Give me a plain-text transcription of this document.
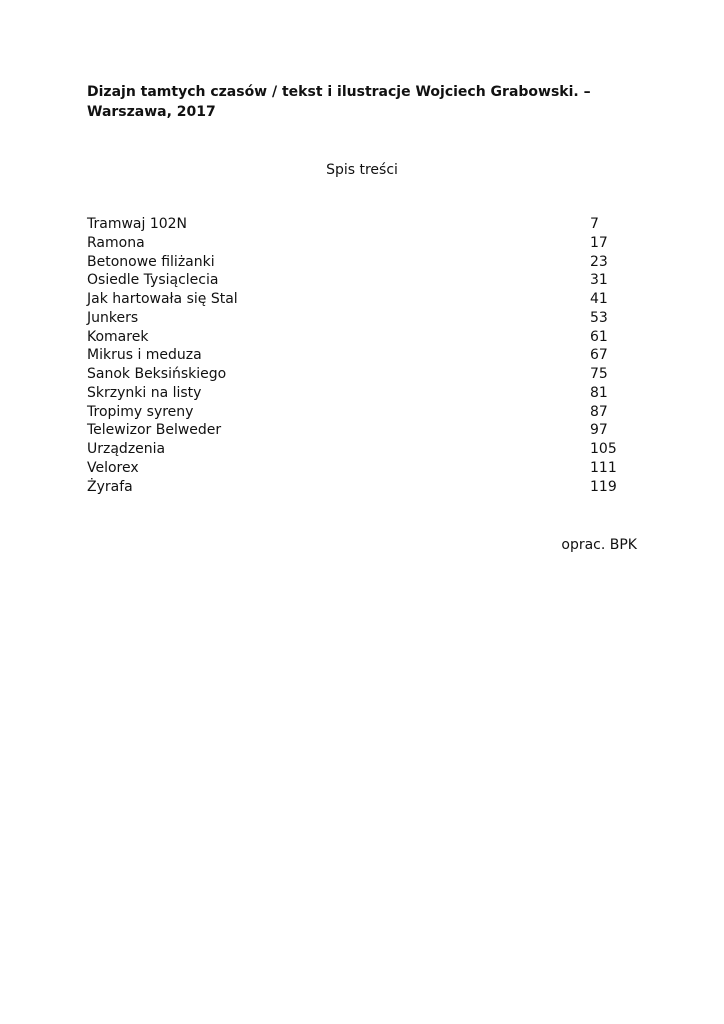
Dizajn tamtych czasów / tekst i ilustracje Wojciech Grabowski. –
Warszawa, 2017
Spis treści
Tramwaj 102N	7
Ramona	17
Betonowe filiżanki	23
Osiedle Tysiąclecia	31
Jak hartowała się Stal	41
Junkers	53
Komarek	61
Mikrus i meduza	67
Sanok Beksińskiego	75
Skrzynki na listy	81
Tropimy syreny	87
Telewizor Belweder	97
Urządzenia	105
Velorex	111
Żyrafa	119
oprac. BPK
